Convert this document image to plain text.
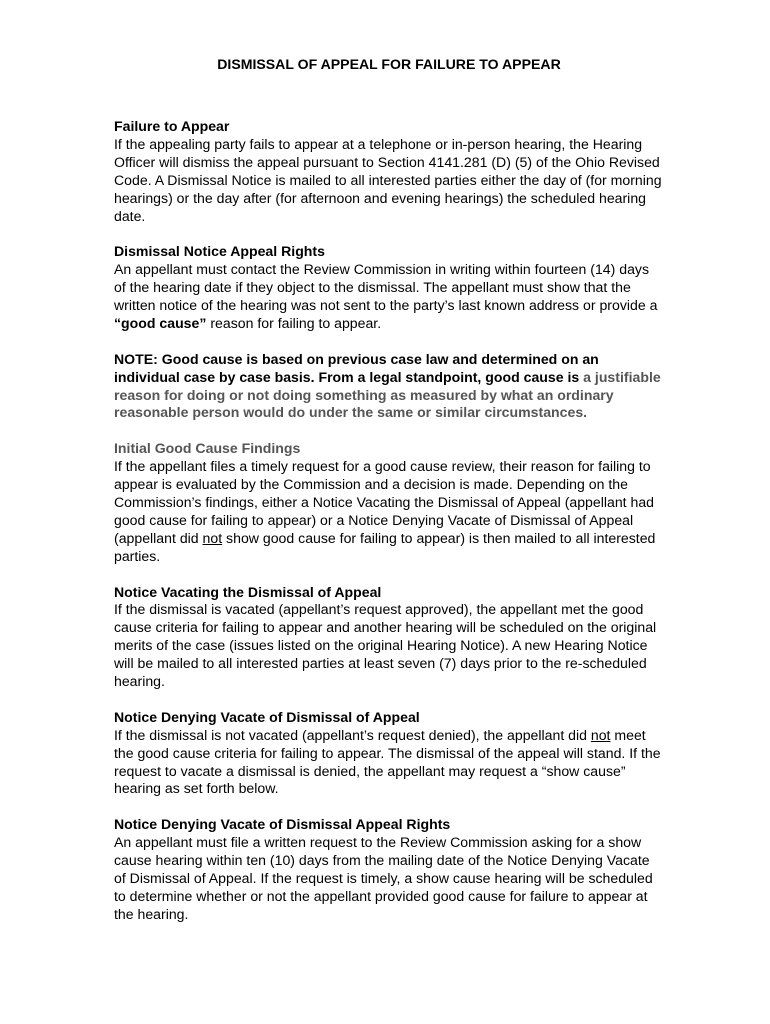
DISMISSAL OF APPEAL FOR FAILURE TO APPEAR
Failure to Appear
If the appealing party fails to appear at a telephone or in-person hearing, the Hearing Officer will dismiss the appeal pursuant to Section 4141.281 (D) (5) of the Ohio Revised Code. A Dismissal Notice is mailed to all interested parties either the day of (for morning hearings) or the day after (for afternoon and evening hearings) the scheduled hearing date.
Dismissal Notice Appeal Rights
An appellant must contact the Review Commission in writing within fourteen (14) days of the hearing date if they object to the dismissal. The appellant must show that the written notice of the hearing was not sent to the party’s last known address or provide a “good cause” reason for failing to appear.
NOTE: Good cause is based on previous case law and determined on an individual case by case basis. From a legal standpoint, good cause is a justifiable reason for doing or not doing something as measured by what an ordinary reasonable person would do under the same or similar circumstances.
Initial Good Cause Findings
If the appellant files a timely request for a good cause review, their reason for failing to appear is evaluated by the Commission and a decision is made. Depending on the Commission’s findings, either a Notice Vacating the Dismissal of Appeal (appellant had good cause for failing to appear) or a Notice Denying Vacate of Dismissal of Appeal (appellant did not show good cause for failing to appear) is then mailed to all interested parties.
Notice Vacating the Dismissal of Appeal
If the dismissal is vacated (appellant’s request approved), the appellant met the good cause criteria for failing to appear and another hearing will be scheduled on the original merits of the case (issues listed on the original Hearing Notice). A new Hearing Notice will be mailed to all interested parties at least seven (7) days prior to the re-scheduled hearing.
Notice Denying Vacate of Dismissal of Appeal
If the dismissal is not vacated (appellant’s request denied), the appellant did not meet the good cause criteria for failing to appear. The dismissal of the appeal will stand. If the request to vacate a dismissal is denied, the appellant may request a “show cause” hearing as set forth below.
Notice Denying Vacate of Dismissal Appeal Rights
An appellant must file a written request to the Review Commission asking for a show cause hearing within ten (10) days from the mailing date of the Notice Denying Vacate of Dismissal of Appeal. If the request is timely, a show cause hearing will be scheduled to determine whether or not the appellant provided good cause for failure to appear at the hearing.
